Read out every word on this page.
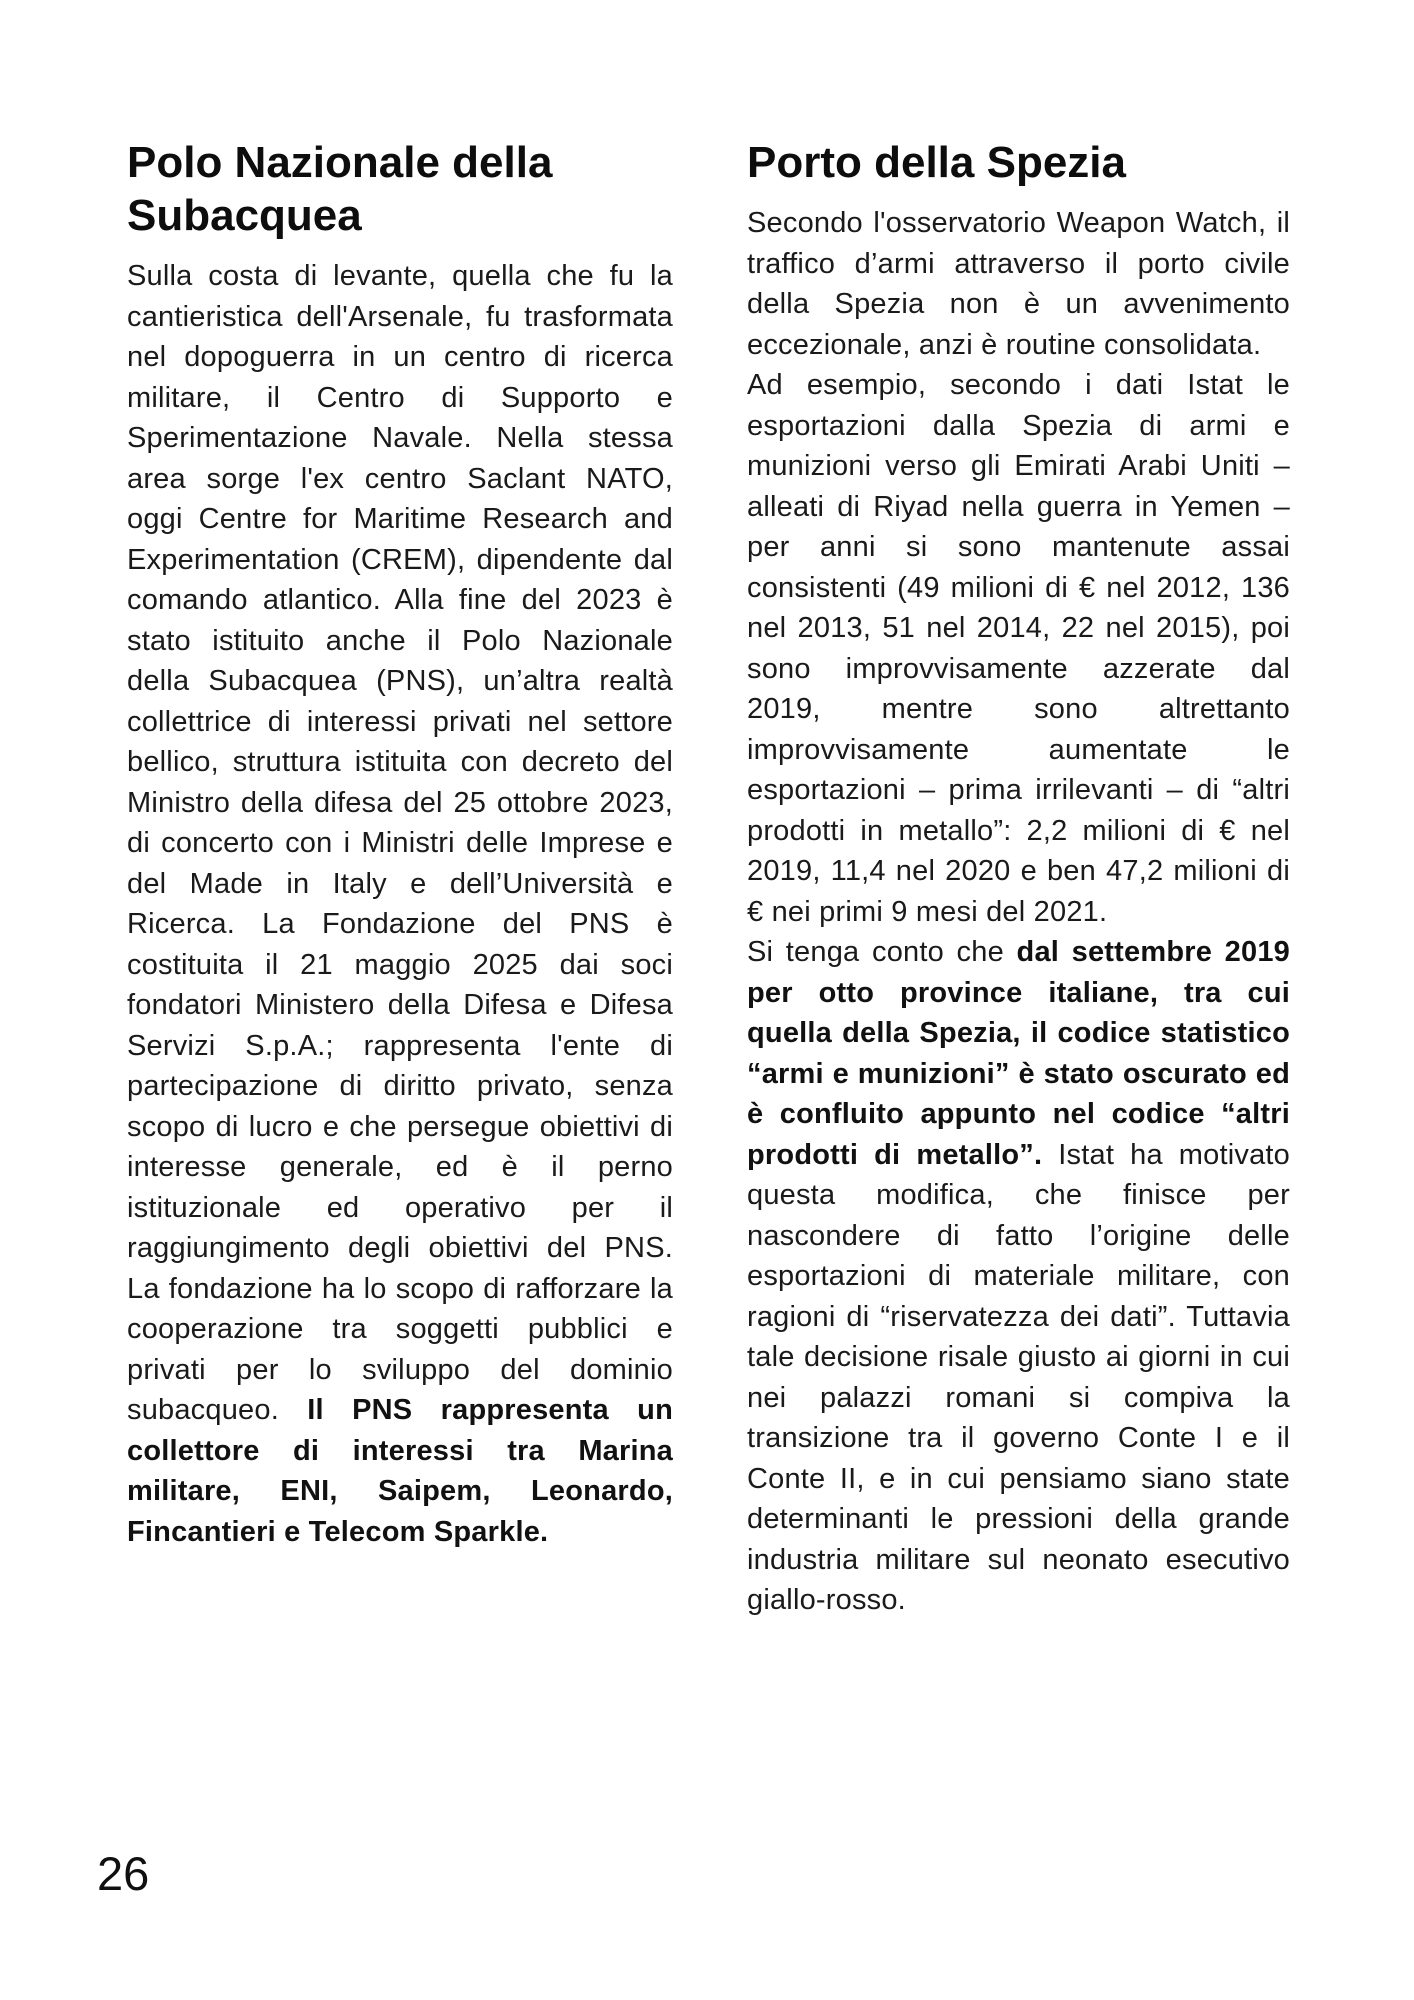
Polo Nazionale della Subacquea

Sulla costa di levante, quella che fu la cantieristica dell'Arsenale, fu trasformata nel dopoguerra in un centro di ricerca militare, il Centro di Supporto e Sperimentazione Navale. Nella stessa area sorge l'ex centro Saclant NATO, oggi Centre for Maritime Research and Experimentation (CREM), dipendente dal comando atlantico. Alla fine del 2023 è stato istituito anche il Polo Nazionale della Subacquea (PNS), un’altra realtà collettrice di interessi privati nel settore bellico, struttura istituita con decreto del Ministro della difesa del 25 ottobre 2023, di concerto con i Ministri delle Imprese e del Made in Italy e dell’Università e Ricerca. La Fondazione del PNS è costituita il 21 maggio 2025 dai soci fondatori Ministero della Difesa e Difesa Servizi S.p.A.; rappresenta l'ente di partecipazione di diritto privato, senza scopo di lucro e che persegue obiettivi di interesse generale, ed è il perno istituzionale ed operativo per il raggiungimento degli obiettivi del PNS. La fondazione ha lo scopo di rafforzare la cooperazione tra soggetti pubblici e privati per lo sviluppo del dominio subacqueo. Il PNS rappresenta un collettore di interessi tra Marina militare, ENI, Saipem, Leonardo, Fincantieri e Telecom Sparkle.

Porto della Spezia

Secondo l'osservatorio Weapon Watch, il traffico d’armi attraverso il porto civile della Spezia non è un avvenimento eccezionale, anzi è routine consolidata.

Ad esempio, secondo i dati Istat le esportazioni dalla Spezia di armi e munizioni verso gli Emirati Arabi Uniti – alleati di Riyad nella guerra in Yemen – per anni si sono mantenute assai consistenti (49 milioni di € nel 2012, 136 nel 2013, 51 nel 2014, 22 nel 2015), poi sono improvvisamente azzerate dal 2019, mentre sono altrettanto improvvisamente aumentate le esportazioni – prima irrilevanti – di “altri prodotti in metallo”: 2,2 milioni di € nel 2019, 11,4 nel 2020 e ben 47,2 milioni di € nei primi 9 mesi del 2021.

Si tenga conto che dal settembre 2019 per otto province italiane, tra cui quella della Spezia, il codice statistico “armi e munizioni” è stato oscurato ed è confluito appunto nel codice “altri prodotti di metallo”. Istat ha motivato questa modifica, che finisce per nascondere di fatto l’origine delle esportazioni di materiale militare, con ragioni di “riservatezza dei dati”. Tuttavia tale decisione risale giusto ai giorni in cui nei palazzi romani si compiva la transizione tra il governo Conte I e il Conte II, e in cui pensiamo siano state determinanti le pressioni della grande industria militare sul neonato esecutivo giallo-rosso.

26
